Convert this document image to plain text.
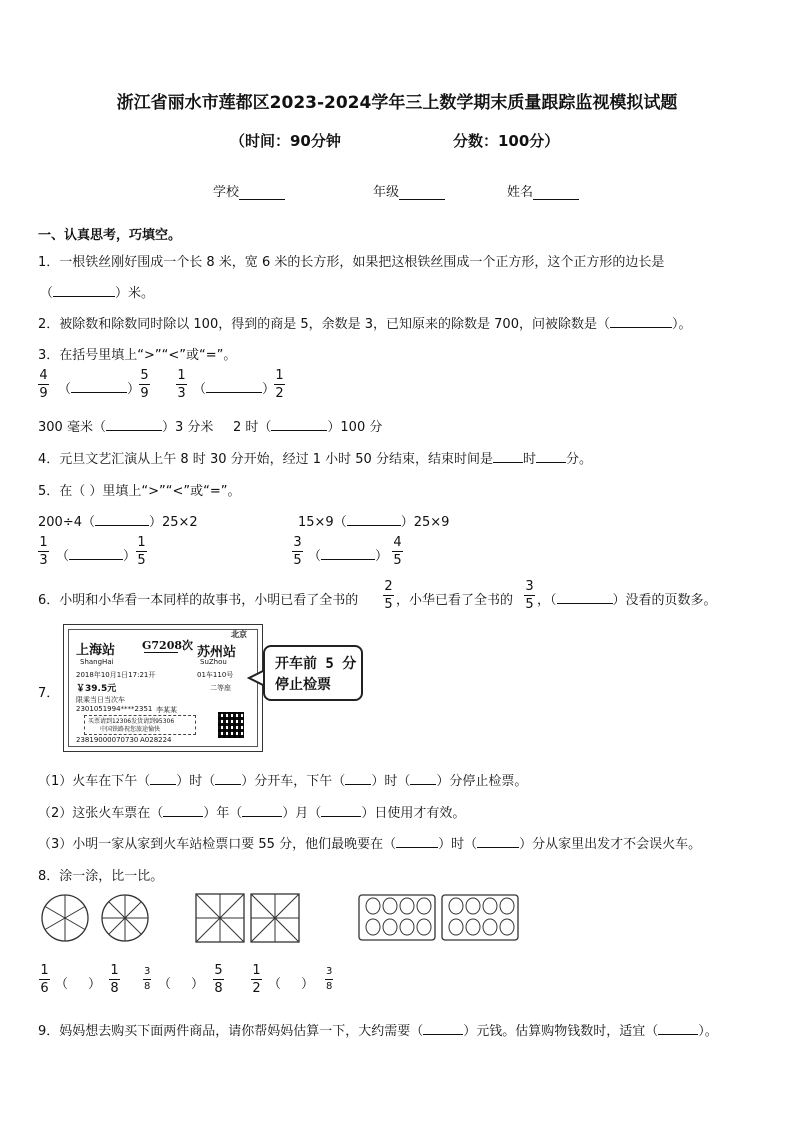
浙江省丽水市莲都区2023-2024学年三上数学期末质量跟踪监视模拟试题
（时间：90分钟	分数：100分）
学校	年级	姓名
一、认真思考，巧填空。
1．一根铁丝刚好围成一个长 8 米，宽 6 米的长方形，如果把这根铁丝围成一个正方形，这个正方形的边长是
（	）米。
2．被除数和除数同时除以 100，得到的商是 5，余数是 3，已知原来的除数是 700，问被除数是（	）。
3．在括号里填上“>”“<”或“=”。
4
9 （	）
5
9
1
3 （	）
1
2
300 毫米（	）3 分米 2 时（	）100 分
4．元旦文艺汇演从上午 8 时 30 分开始，经过 1 小时 50 分结束，结束时间是 时 分。
5．在（ ）里填上“>”“<”或“=”。
200÷4（	）25×2	15×9（	）25×9
1
3 （	）
1
5
3
5 （	）
4
5
6．小明和小华看一本同样的故事书，小明已看了全书的
2
5 ，小华已看了全书的
3
5 ，（	）没看的页数多。
7．
上海站
ShangHai
G7208次
北京
苏州站
SuZhou
2018年10月1日17:21开	01车110号
￥39.5元	二等座
限乘当日当次车
2301051994****2351 李某某
买票请到12306发货请到95306
中国铁路祝您旅途愉快
23819000070730 A028224
开车前 5 分
停止检票
（1）火车在下午（ ）时（ ）分开车，下午（ ）时（ ）分停止检票。
（2）这张火车票在（	）年（	）月（	）日使用才有效。
（3）小明一家从家到火车站检票口要 55 分，他们最晚要在（	）时（	）分从家里出发才不会误火车。
8．涂一涂，比一比。
1
6 （ ）
1
8
3
8 （ ）
5
8
1
2 （ ）
3
8
9．妈妈想去购买下面两件商品，请你帮妈妈估算一下，大约需要（	）元钱。估算购物钱数时，适宜（	）。
